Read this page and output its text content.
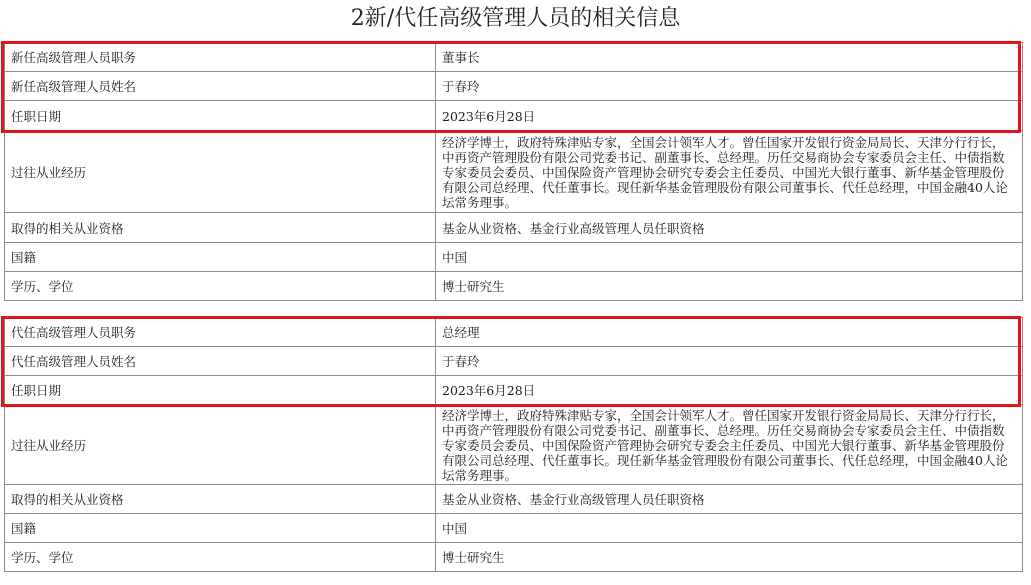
2新/代任高级管理人员的相关信息
新任高级管理人员职务	董事长
新任高级管理人员姓名	于春玲
任职日期	2023年6月28日
过往从业经历	经济学博士，政府特殊津贴专家，全国会计领军人才。曾任国家开发银行资金局局长、天津分行行长，中再资产管理股份有限公司党委书记、副董事长、总经理。历任交易商协会专家委员会主任、中债指数专家委员会委员、中国保险资产管理协会研究专委会主任委员、中国光大银行董事、新华基金管理股份有限公司总经理、代任董事长。现任新华基金管理股份有限公司董事长、代任总经理，中国金融40人论坛常务理事。
取得的相关从业资格	基金从业资格、基金行业高级管理人员任职资格
国籍	中国
学历、学位	博士研究生
代任高级管理人员职务	总经理
代任高级管理人员姓名	于春玲
任职日期	2023年6月28日
过往从业经历	经济学博士，政府特殊津贴专家，全国会计领军人才。曾任国家开发银行资金局局长、天津分行行长，中再资产管理股份有限公司党委书记、副董事长、总经理。历任交易商协会专家委员会主任、中债指数专家委员会委员、中国保险资产管理协会研究专委会主任委员、中国光大银行董事、新华基金管理股份有限公司总经理、代任董事长。现任新华基金管理股份有限公司董事长、代任总经理，中国金融40人论坛常务理事。
取得的相关从业资格	基金从业资格、基金行业高级管理人员任职资格
国籍	中国
学历、学位	博士研究生
